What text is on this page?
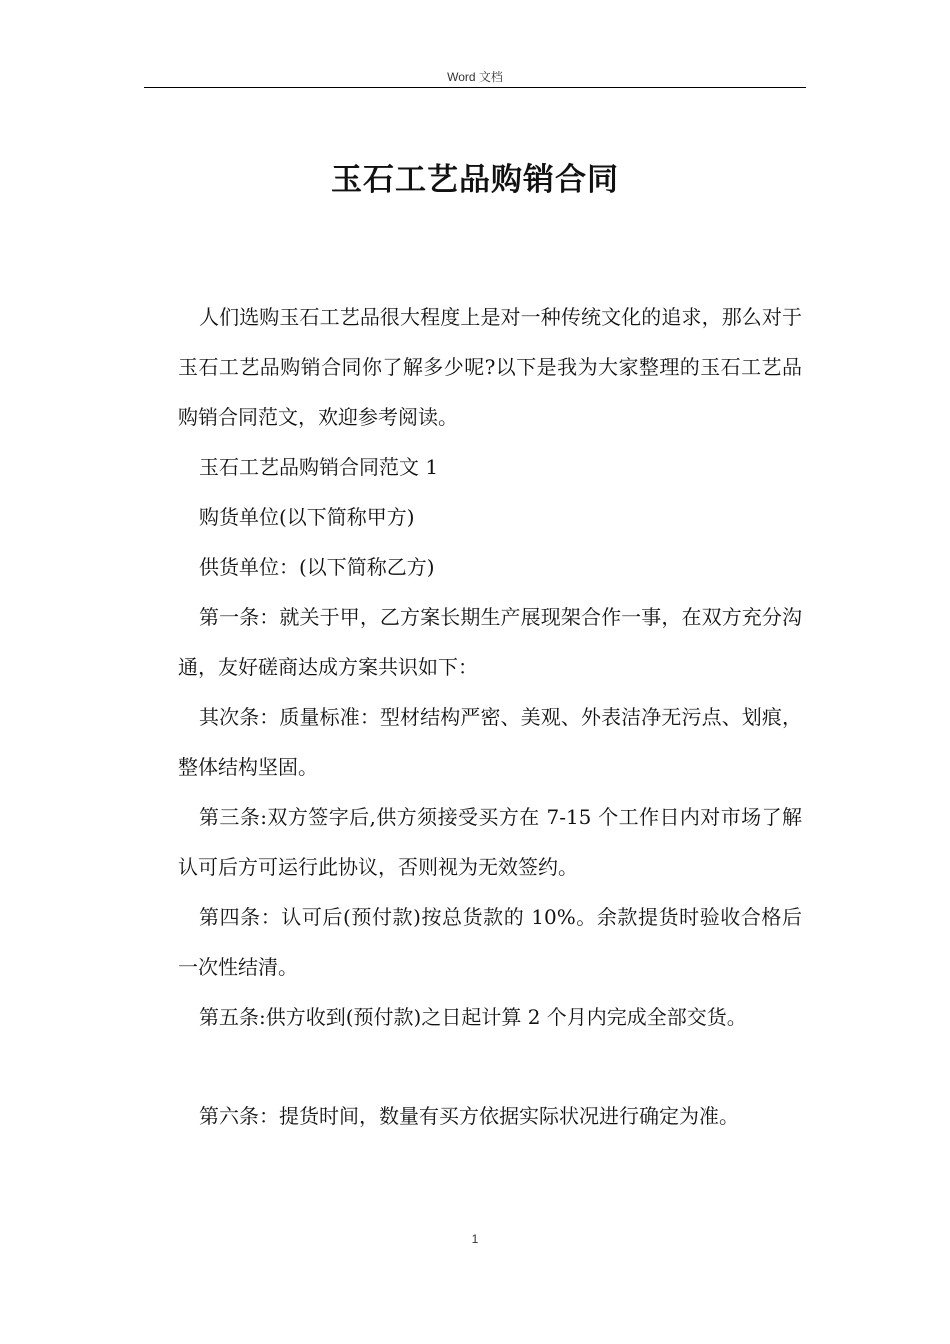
Word 文档
玉石工艺品购销合同

人们选购玉石工艺品很大程度上是对一种传统文化的追求，那么对于玉石工艺品购销合同你了解多少呢?以下是我为大家整理的玉石工艺品购销合同范文，欢迎参考阅读。

玉石工艺品购销合同范文 1

购货单位(以下简称甲方)

供货单位：(以下简称乙方)

第一条：就关于甲，乙方案长期生产展现架合作一事，在双方充分沟通，友好磋商达成方案共识如下：

其次条：质量标准：型材结构严密、美观、外表洁净无污点、划痕，整体结构坚固。

第三条:双方签字后,供方须接受买方在 7-15 个工作日内对市场了解认可后方可运行此协议，否则视为无效签约。

第四条：认可后(预付款)按总货款的 10%。余款提货时验收合格后一次性结清。

第五条:供方收到(预付款)之日起计算 2 个月内完成全部交货。

第六条：提货时间，数量有买方依据实际状况进行确定为准。

1
